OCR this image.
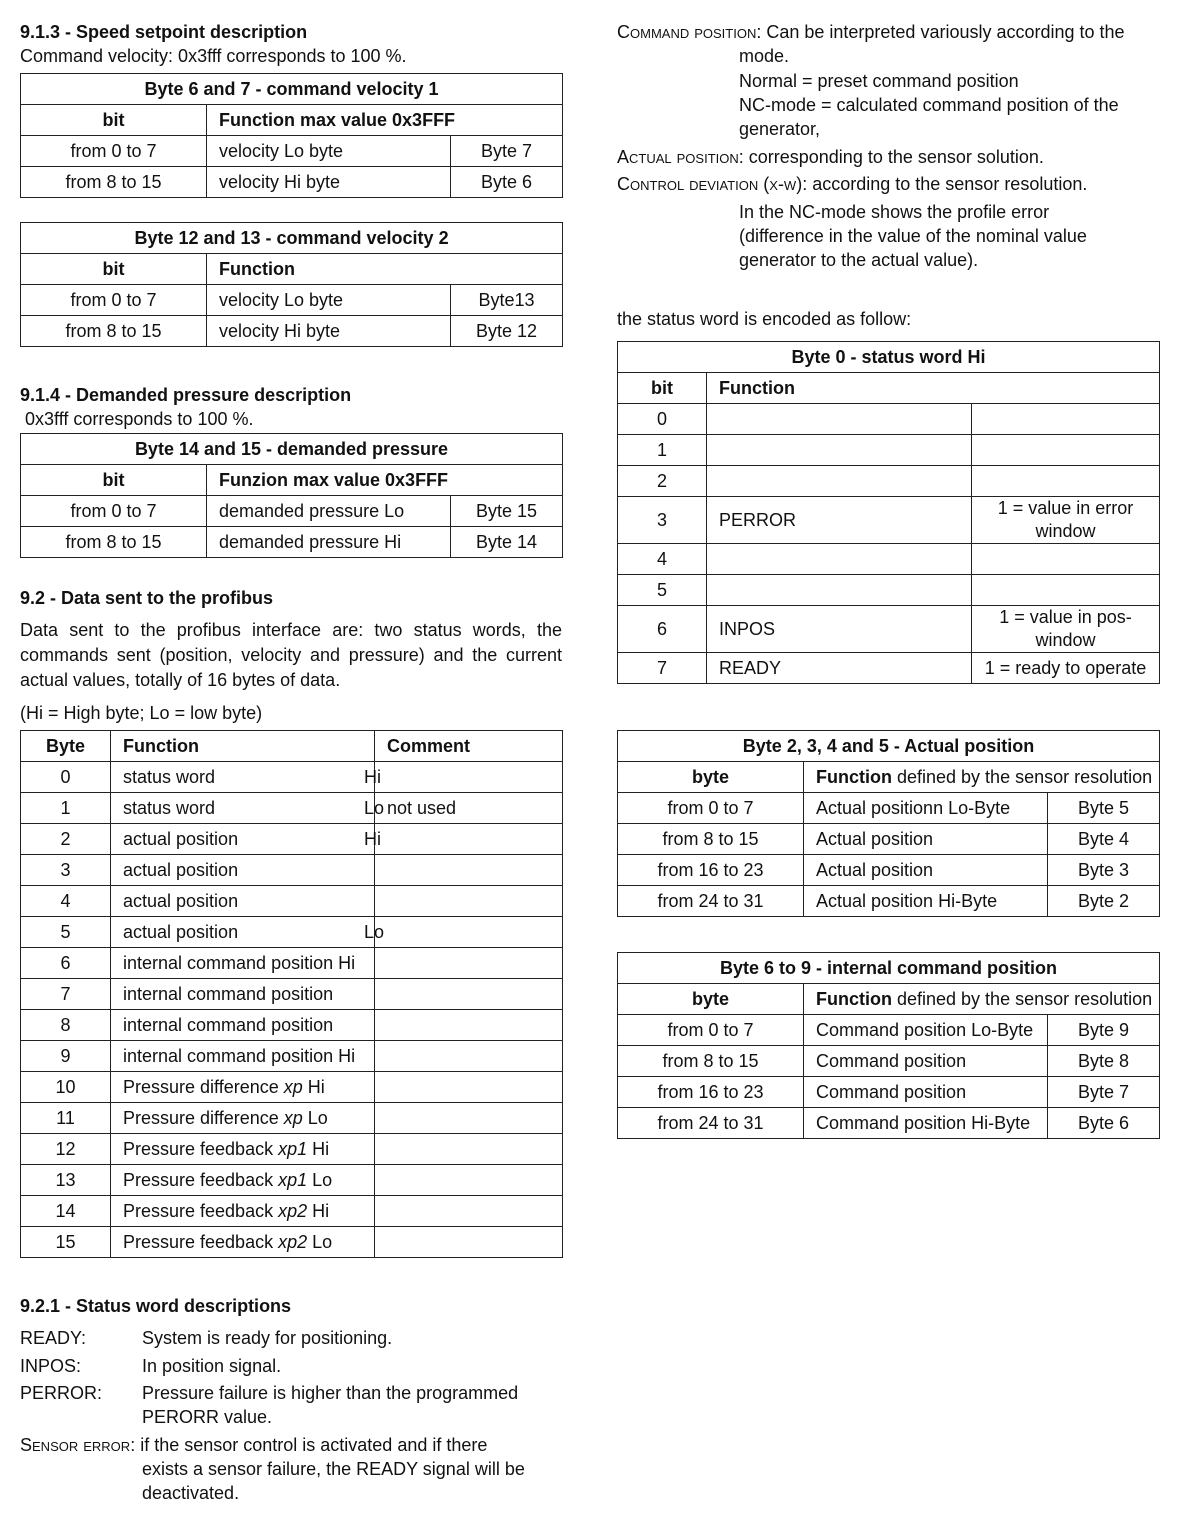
9.1.3 - Speed setpoint description
Command velocity: 0x3fff corresponds to 100 %.
Byte 6 and 7 - command velocity 1		
bit	Function max value 0x3FFF	
from 0 to 7	velocity Lo byte	Byte 7
from 8 to 15	velocity Hi byte	Byte 6
Byte 12 and 13 - command velocity 2		
bit	Function	
from 0 to 7	velocity Lo byte	Byte13
from 8 to 15	velocity Hi byte	Byte 12
9.1.4 - Demanded pressure description
0x3fff corresponds to 100 %.
Byte 14 and 15 - demanded pressure		
bit	Funzion max value 0x3FFF	
from 0 to 7	demanded pressure Lo	Byte 15
from 8 to 15	demanded pressure Hi	Byte 14
9.2 - Data sent to the profibus
Data sent to the profibus interface are: two status words, the commands sent (position, velocity and pressure) and the current actual values, totally of 16 bytes of data.
(Hi = High byte; Lo = low byte)
Byte	Function	Comment
0	status word Hi	

1	status word Lo	not used
2	actual position Hi	

3	actual position

4	actual position

5	actual position Lo	

6	internal command position Hi	
7	internal command position	
8	internal command position	
9	internal command position Hi	
10	Pressure difference xp Hi	
11	Pressure difference xp Lo	
12	Pressure feedback xp1 Hi	
13	Pressure feedback xp1 Lo	
14	Pressure feedback xp2 Hi	
15	Pressure feedback xp2 Lo	
9.2.1 - Status word descriptions
READY:	System is ready for positioning.
INPOS:	In position signal.
PERROR: Pressure failure is higher than the programmed
PERORR value.
Sensor error: if the sensor control is activated and if there
exists a sensor failure, the READY signal will be
deactivated.
Command position: Can be interpreted variously according to the
mode.
Normal = preset command position
NC-mode = calculated command position of the
generator,
Actual position: corresponding to the sensor solution.
Control deviation (x-w): according to the sensor resolution.
In the NC-mode shows the profile error
(difference in the value of the nominal value
generator to the actual value).
the status word is encoded as follow:
Byte 0 - status word Hi		
bit	Function	
0		
1		
2		
3	PERROR	1 = value in error window
4		
5		
6	INPOS	1 = value in pos-window
7	READY	1 = ready to operate
Byte 2, 3, 4 and 5 - Actual position		
byte	Function defined by the sensor resolution	
from 0 to 7	Actual positionn Lo-Byte	Byte 5
from 8 to 15	Actual position	Byte 4
from 16 to 23	Actual position	Byte 3
from 24 to 31	Actual position Hi-Byte	Byte 2
Byte 6 to 9 - internal command position		
byte	Function defined by the sensor resolution	
from 0 to 7	Command position Lo-Byte	Byte 9
from 8 to 15	Command position	Byte 8
from 16 to 23	Command position	Byte 7
from 24 to 31	Command position Hi-Byte	Byte 6
